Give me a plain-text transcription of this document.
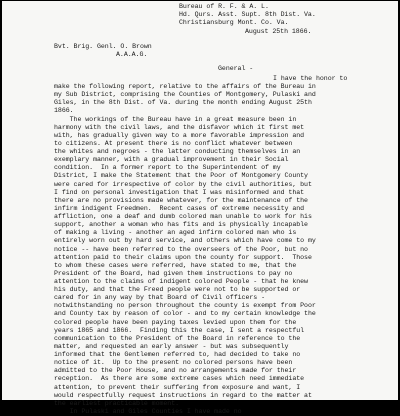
Bureau of R. F. & A. L.
Hd. Qurs. Asst. Supt. 8th Dist. Va.
Christiansburg Mont. Co. Va.
August 25th 1866.
Bvt. Brig. Genl. O. Brown
A.A.A.G.
General -
I have the honor to
make the following report, relative to the affairs of the Bureau in
my Sub District, comprising the Counties of Montgomery, Pulaski and
Giles, in the 8th Dist. of Va. during the month ending August 25th
1866.
The workings of the Bureau have in a great measure been in
harmony with the civil laws, and the disfavor which it first met
with, has gradually given way to a more favorable impression and
to citizens. At present there is no conflict whatever between
the whites and negroes - the latter conducting themselves in an
exemplary manner, with a gradual improvement in their Social
condition.  In a former report to the Superintendent of my
District, I make the Statement that the Poor of Montgomery County
were cared for irrespective of color by the civil authorities, but
I find on personal investigation that I was misinformed and that
there are no provisions made whatever, for the maintenance of the
infirm indigent Freedmen.  Recent cases of extreme necessity and
affliction, one a deaf and dumb colored man unable to work for his
support, another a woman who has fits and is physically incapable
of making a living - another an aged infirm colored man who is
entirely worn out by hard service, and others which have come to my
notice -- have been referred to the overseers of the Poor, but no
attention paid to their claims upon the county for support.  Those
to whom these cases were referred, have stated to me, that the
President of the Board, had given them instructions to pay no
attention to the claims of indigent colored People - that he knew
his duty, and that the Freed people were not to be supported or
cared for in any way by that Board of Civil officers -
notwithstanding no person throughout the county is exempt from Poor
and County tax by reason of color - and to my certain knowledge the
colored people have been paying taxes levied upon them for the
years 1865 and 1866.  Finding this the case, I sent a respectful
communication to the President of the Board in reference to the
matter, and requested an early answer - but was subsequently
informed that the Gentlemen referred to, had decided to take no
notice of it.  Up to the present no colored persons have been
admitted to the Poor House, and no arrangements made for their
reception.  As there are some extreme cases which need immediate
attention, to prevent their suffering from exposure and want, I
would respectfully request instructions in regard to the matter at
the earliest practicable moment.
In Pulaski and Giles Counties I have made no
